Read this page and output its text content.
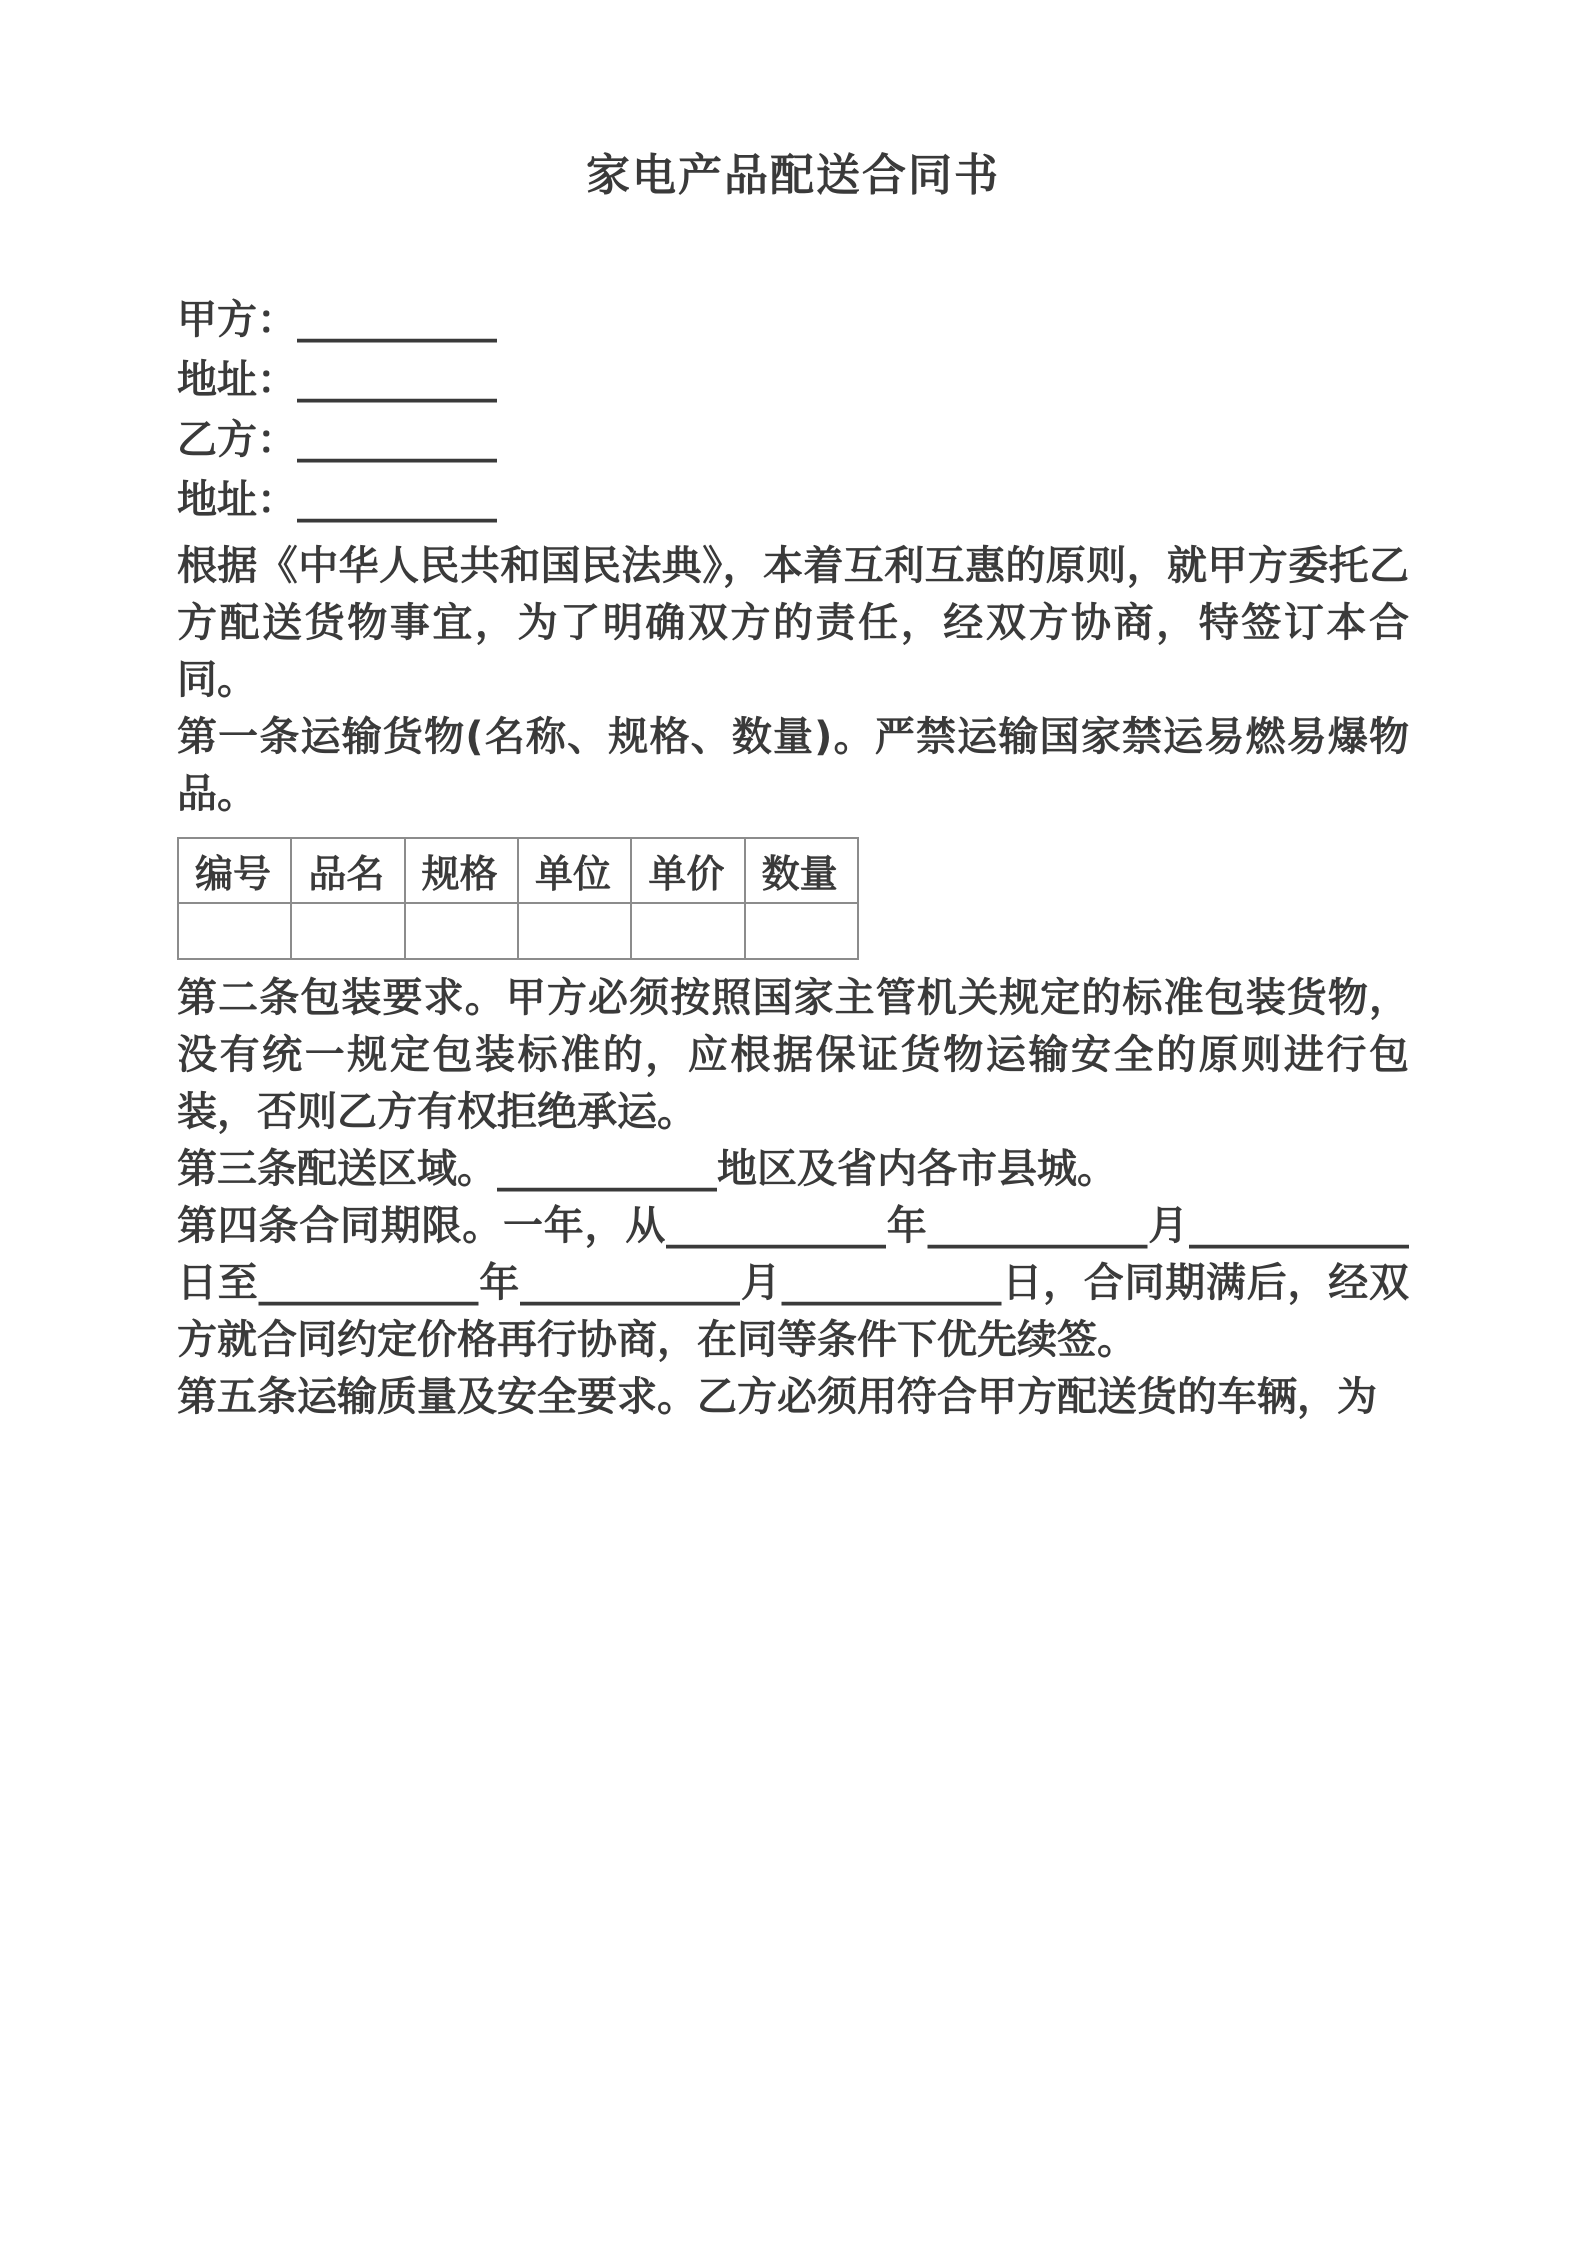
家电产品配送合同书

甲方：__________

地址：__________

乙方：__________

地址：__________

根据《中华人民共和国民法典》，本着互利互惠的原则，就甲方委托乙方配送货物事宜，为了明确双方的责任，经双方协商，特签订本合同。

第一条运输货物(名称、规格、数量)。严禁运输国家禁运易燃易爆物品。

编号	品名	规格	单位	单价	数量

第二条包装要求。甲方必须按照国家主管机关规定的标准包装货物，没有统一规定包装标准的，应根据保证货物运输安全的原则进行包装，否则乙方有权拒绝承运。

第三条配送区域。___________地区及省内各市县城。

第四条合同期限。一年，从___________年___________月___________日至___________年___________月___________日，合同期满后，经双方就合同约定价格再行协商，在同等条件下优先续签。

第五条运输质量及安全要求。乙方必须用符合甲方配送货的车辆，为
